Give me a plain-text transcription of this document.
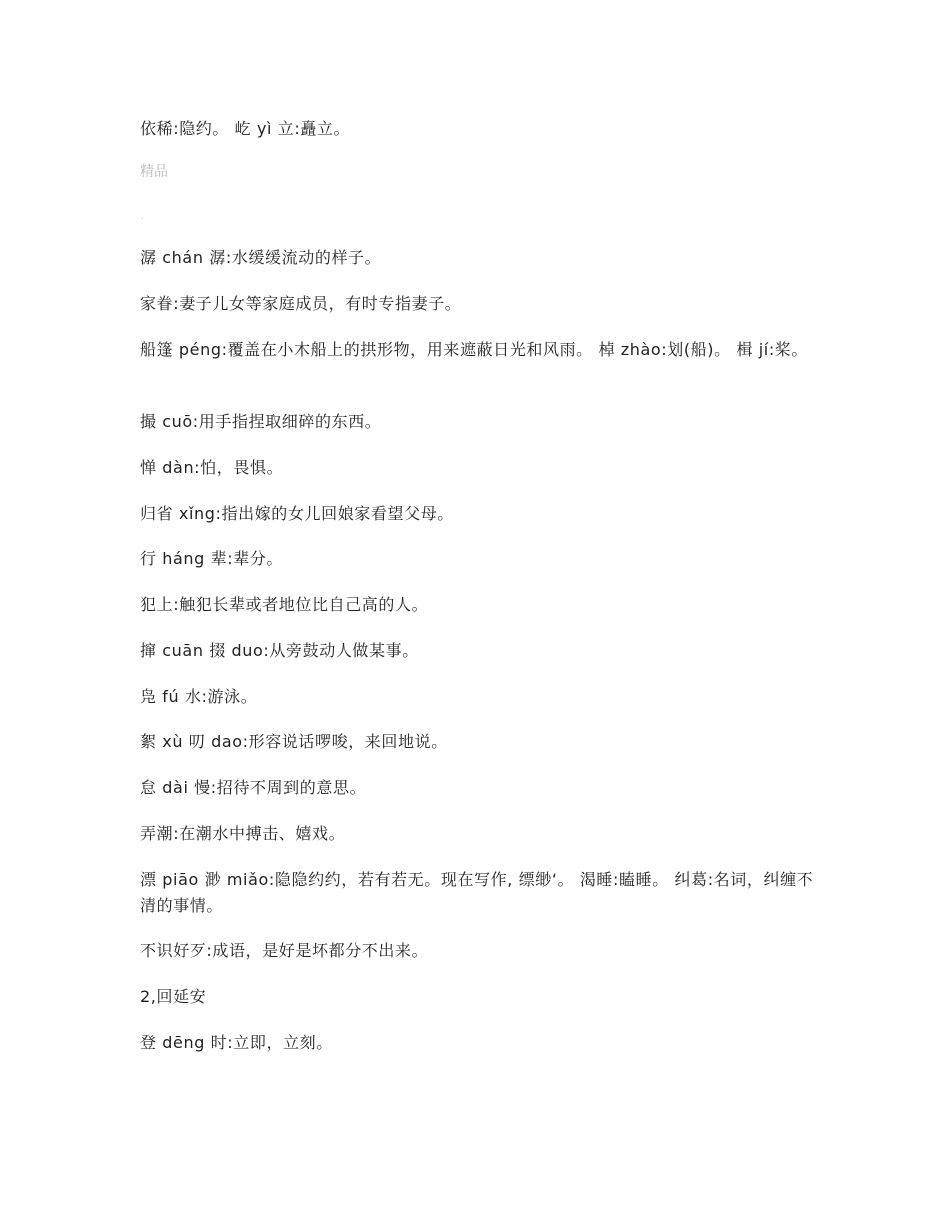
依稀:隐约。 屹 yì 立:矗立。
精品
.
潺 chán 潺:水缓缓流动的样子。
家眷:妻子儿女等家庭成员，有时专指妻子。
船篷 péng:覆盖在小木船上的拱形物，用来遮蔽日光和风雨。 棹 zhào:划(船)。 楫 jí:桨。
撮 cuō:用手指捏取细碎的东西。
惮 dàn:怕，畏惧。
归省 xǐng:指出嫁的女儿回娘家看望父母。
行 háng 辈:辈分。
犯上:触犯长辈或者地位比自己高的人。
撺 cuān 掇 duo:从旁鼓动人做某事。
凫 fú 水:游泳。
絮 xù 叨 dao:形容说话啰唆，来回地说。
怠 dài 慢:招待不周到的意思。
弄潮:在潮水中搏击、嬉戏。
漂 piāo 渺 miǎo:隐隐约约，若有若无。现在写作, 缥缈‘。 渴睡:瞌睡。 纠葛:名词，纠缠不清的事情。
不识好歹:成语，是好是坏都分不出来。
2,回延安
登 dēng 时:立即，立刻。
